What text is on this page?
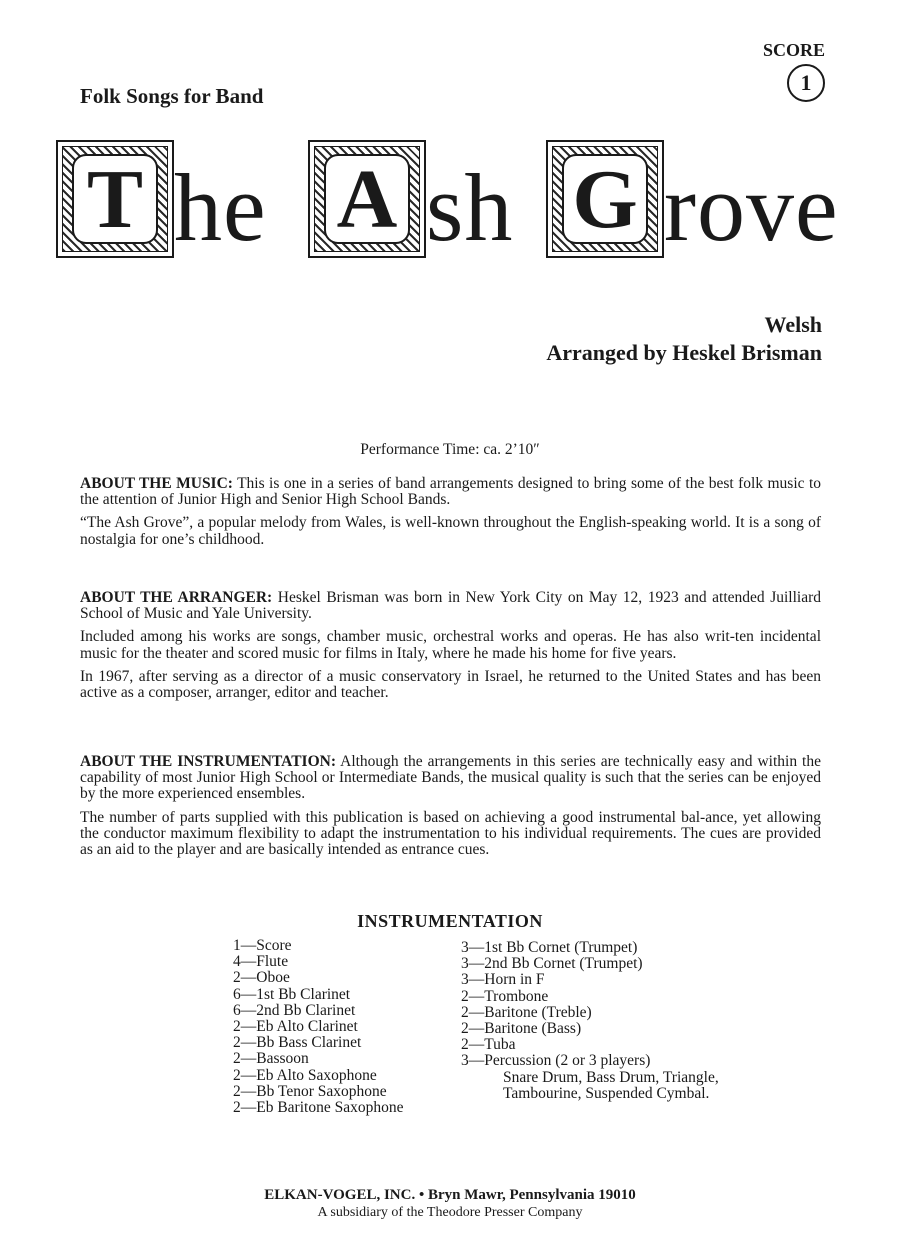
Folk Songs for Band
SCORE
1
T he A sh G rove
Welsh
Arranged by Heskel Brisman
Performance Time: ca. 2’10″

ABOUT THE MUSIC: This is one in a series of band arrangements designed to bring some of the best folk music to the attention of Junior High and Senior High School Bands.

“The Ash Grove”, a popular melody from Wales, is well-known throughout the English-speaking world. It is a song of nostalgia for one’s childhood.

ABOUT THE ARRANGER: Heskel Brisman was born in New York City on May 12, 1923 and attended Juilliard School of Music and Yale University.

Included among his works are songs, chamber music, orchestral works and operas. He has also writ-ten incidental music for the theater and scored music for films in Italy, where he made his home for five years.

In 1967, after serving as a director of a music conservatory in Israel, he returned to the United States and has been active as a composer, arranger, editor and teacher.

ABOUT THE INSTRUMENTATION: Although the arrangements in this series are technically easy and within the capability of most Junior High School or Intermediate Bands, the musical quality is such that the series can be enjoyed by the more experienced ensembles.

The number of parts supplied with this publication is based on achieving a good instrumental bal-ance, yet allowing the conductor maximum flexibility to adapt the instrumentation to his individual requirements. The cues are provided as an aid to the player and are basically intended as entrance cues.

INSTRUMENTATION
1—Score
4—Flute
2—Oboe
6—1st Bb Clarinet
6—2nd Bb Clarinet
2—Eb Alto Clarinet
2—Bb Bass Clarinet
2—Bassoon
2—Eb Alto Saxophone
2—Bb Tenor Saxophone
2—Eb Baritone Saxophone
3—1st Bb Cornet (Trumpet)
3—2nd Bb Cornet (Trumpet)
3—Horn in F
2—Trombone
2—Baritone (Treble)
2—Baritone (Bass)
2—Tuba
3—Percussion (2 or 3 players)
Snare Drum, Bass Drum, Triangle,
Tambourine, Suspended Cymbal.
ELKAN-VOGEL, INC. • Bryn Mawr, Pennsylvania 19010
A subsidiary of the Theodore Presser Company
